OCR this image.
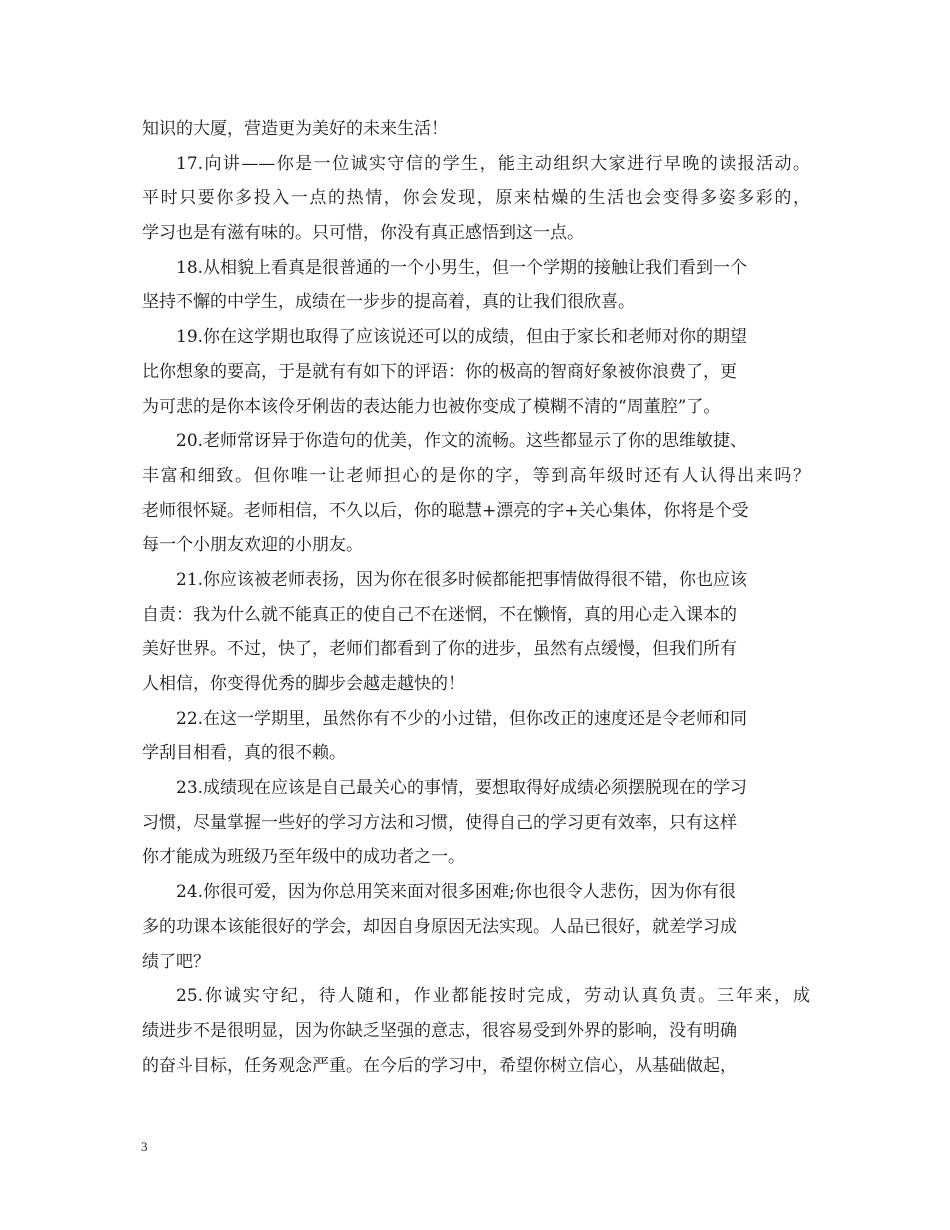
知识的大厦，营造更为美好的未来生活！
17.向讲——你是一位诚实守信的学生，能主动组织大家进行早晚的读报活动。
平时只要你多投入一点的热情，你会发现，原来枯燥的生活也会变得多姿多彩的，
学习也是有滋有味的。只可惜，你没有真正感悟到这一点。
18.从相貌上看真是很普通的一个小男生，但一个学期的接触让我们看到一个
坚持不懈的中学生，成绩在一步步的提高着，真的让我们很欣喜。
19.你在这学期也取得了应该说还可以的成绩，但由于家长和老师对你的期望
比你想象的要高，于是就有有如下的评语：你的极高的智商好象被你浪费了，更
为可悲的是你本该伶牙俐齿的表达能力也被你变成了模糊不清的“周董腔”了。
20.老师常讶异于你造句的优美，作文的流畅。这些都显示了你的思维敏捷、
丰富和细致。但你唯一让老师担心的是你的字，等到高年级时还有人认得出来吗？
老师很怀疑。老师相信，不久以后，你的聪慧+漂亮的字+关心集体，你将是个受
每一个小朋友欢迎的小朋友。
21.你应该被老师表扬，因为你在很多时候都能把事情做得很不错，你也应该
自责：我为什么就不能真正的使自己不在迷惘，不在懒惰，真的用心走入课本的
美好世界。不过，快了，老师们都看到了你的进步，虽然有点缓慢，但我们所有
人相信，你变得优秀的脚步会越走越快的！
22.在这一学期里，虽然你有不少的小过错，但你改正的速度还是令老师和同
学刮目相看，真的很不赖。
23.成绩现在应该是自己最关心的事情，要想取得好成绩必须摆脱现在的学习
习惯，尽量掌握一些好的学习方法和习惯，使得自己的学习更有效率，只有这样
你才能成为班级乃至年级中的成功者之一。
24.你很可爱，因为你总用笑来面对很多困难;你也很令人悲伤，因为你有很
多的功课本该能很好的学会，却因自身原因无法实现。人品已很好，就差学习成
绩了吧？
25.你诚实守纪，待人随和，作业都能按时完成，劳动认真负责。三年来，成
绩进步不是很明显，因为你缺乏坚强的意志，很容易受到外界的影响，没有明确
的奋斗目标，任务观念严重。在今后的学习中，希望你树立信心，从基础做起，
3
